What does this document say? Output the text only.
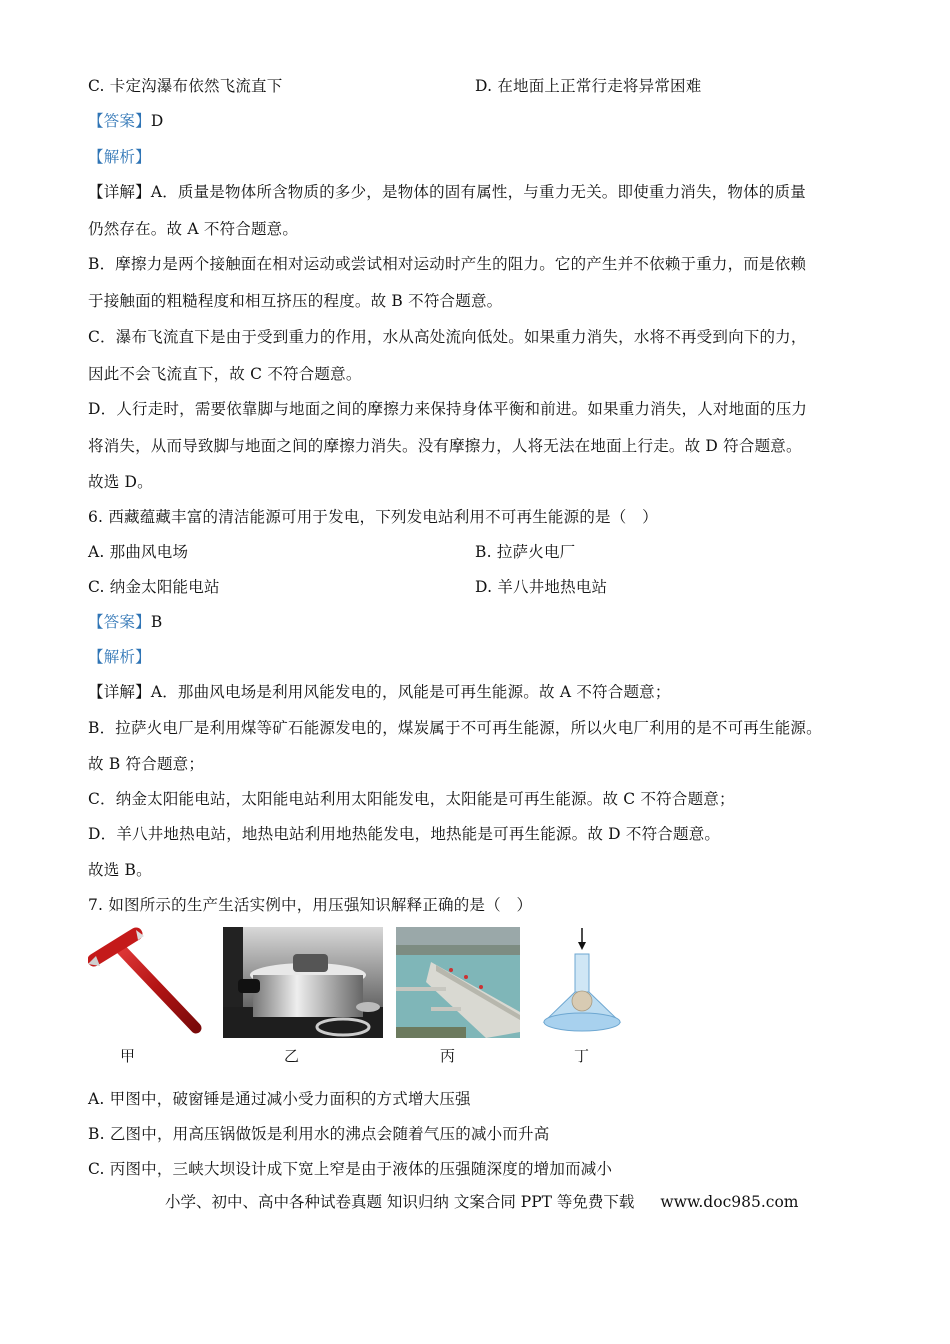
C. 卡定沟瀑布依然飞流直下	D. 在地面上正常行走将异常困难
【答案】D
【解析】
【详解】A．质量是物体所含物质的多少，是物体的固有属性，与重力无关。即使重力消失，物体的质量
仍然存在。故 A 不符合题意。
B．摩擦力是两个接触面在相对运动或尝试相对运动时产生的阻力。它的产生并不依赖于重力，而是依赖
于接触面的粗糙程度和相互挤压的程度。故 B 不符合题意。
C．瀑布飞流直下是由于受到重力的作用，水从高处流向低处。如果重力消失，水将不再受到向下的力，
因此不会飞流直下，故 C 不符合题意。
D．人行走时，需要依靠脚与地面之间的摩擦力来保持身体平衡和前进。如果重力消失，人对地面的压力
将消失，从而导致脚与地面之间的摩擦力消失。没有摩擦力，人将无法在地面上行走。故 D 符合题意。
故选 D。
6. 西藏蕴藏丰富的清洁能源可用于发电，下列发电站利用不可再生能源的是（　）
A. 那曲风电场	B. 拉萨火电厂
C. 纳金太阳能电站	D. 羊八井地热电站
【答案】B
【解析】
【详解】A．那曲风电场是利用风能发电的，风能是可再生能源。故 A 不符合题意；
B．拉萨火电厂是利用煤等矿石能源发电的，煤炭属于不可再生能源，所以火电厂利用的是不可再生能源。
故 B 符合题意；
C．纳金太阳能电站，太阳能电站利用太阳能发电，太阳能是可再生能源。故 C 不符合题意；
D．羊八井地热电站，地热电站利用地热能发电，地热能是可再生能源。故 D 不符合题意。
故选 B。
7. 如图所示的生产生活实例中，用压强知识解释正确的是（　）
甲	乙	丙	丁
A. 甲图中，破窗锤是通过减小受力面积的方式增大压强
B. 乙图中，用高压锅做饭是利用水的沸点会随着气压的减小而升高
C. 丙图中，三峡大坝设计成下宽上窄是由于液体的压强随深度的增加而减小
小学、初中、高中各种试卷真题 知识归纳 文案合同 PPT 等免费下载 www.doc985.com
